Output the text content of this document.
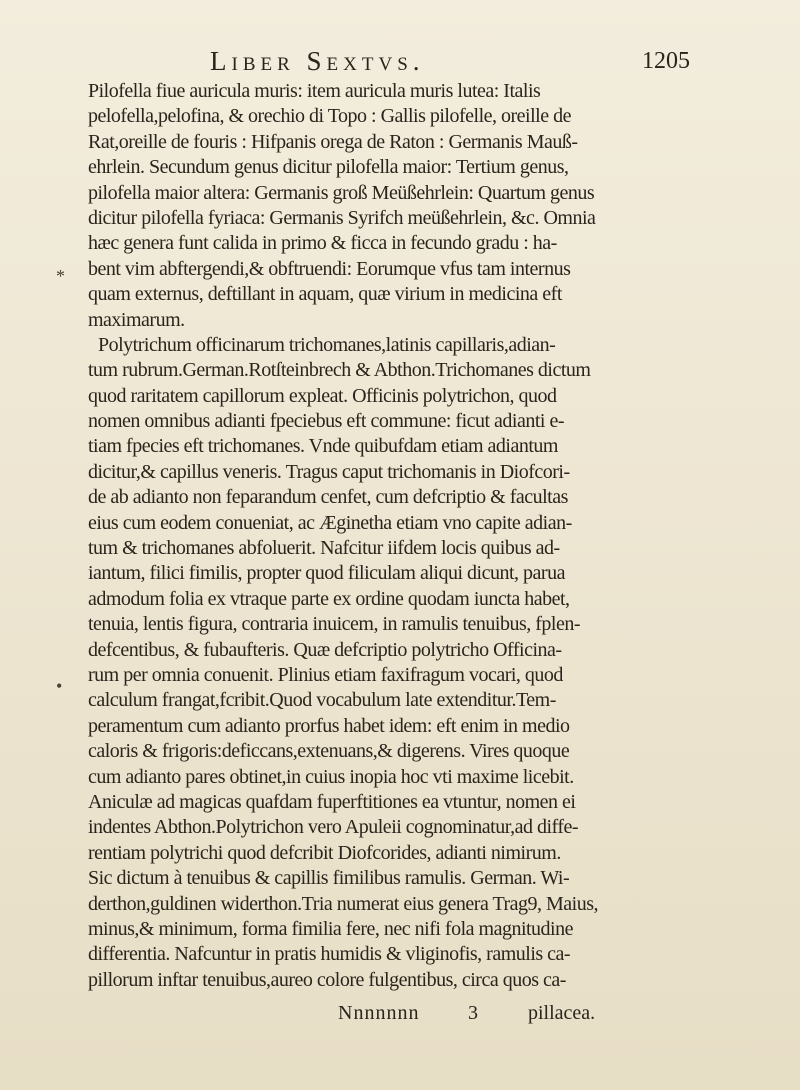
Liber Sextvs.	1205
Pilofella fiue auricula muris: item auricula muris lutea: Italis
pelofella,pelofina, & orechio di Topo : Gallis pilofelle, oreille de
Rat,oreille de fouris : Hifpanis orega de Raton : Germanis Mauß-
ehrlein. Secundum genus dicitur pilofella maior: Tertium genus,
pilofella maior altera: Germanis groß Meüßehrlein: Quartum genus
dicitur pilofella fyriaca: Germanis Syrifch meüßehrlein, &c. Omnia
hæc genera funt calida in primo & ficca in fecundo gradu : ha-
bent vim abftergendi,& obftruendi: Eorumque vfus tam internus
quam externus, deftillant in aquam, quæ virium in medicina eft
maximarum.
Polytrichum officinarum trichomanes,latinis capillaris,adian-
tum rubrum.German.Rotſteinbrech & Abthon.Trichomanes dictum
quod raritatem capillorum expleat. Officinis polytrichon, quod
nomen omnibus adianti fpeciebus eft commune: ficut adianti e-
tiam fpecies eft trichomanes. Vnde quibufdam etiam adiantum
dicitur,& capillus veneris. Tragus caput trichomanis in Diofcori-
de ab adianto non feparandum cenfet, cum defcriptio & facultas
eius cum eodem conueniat, ac Æginetha etiam vno capite adian-
tum & trichomanes abfoluerit. Nafcitur iifdem locis quibus ad-
iantum, filici fimilis, propter quod filiculam aliqui dicunt, parua
admodum folia ex vtraque parte ex ordine quodam iuncta habet,
tenuia, lentis figura, contraria inuicem, in ramulis tenuibus, fplen-
defcentibus, & fubaufteris. Quæ defcriptio polytricho Officina-
rum per omnia conuenit. Plinius etiam faxifragum vocari, quod
calculum frangat,fcribit.Quod vocabulum late extenditur.Tem-
peramentum cum adianto prorfus habet idem: eft enim in medio
caloris & frigoris:deficcans,extenuans,& digerens. Vires quoque
cum adianto pares obtinet,in cuius inopia hoc vti maxime licebit.
Aniculæ ad magicas quafdam fuperftitiones ea vtuntur, nomen ei
indentes Abthon.Polytrichon vero Apuleii cognominatur,ad diffe-
rentiam polytrichi quod defcribit Diofcorides, adianti nimirum.
Sic dictum à tenuibus & capillis fimilibus ramulis. German. Wi-
derthon,guldinen widerthon.Tria numerat eius genera Trag9, Maius,
minus,& minimum, forma fimilia fere, nec nifi fola magnitudine
differentia. Nafcuntur in pratis humidis & vliginofis, ramulis ca-
pillorum inftar tenuibus,aureo colore fulgentibus, circa quos ca-
Nnnnnnn 3	pillacea.
*
•
